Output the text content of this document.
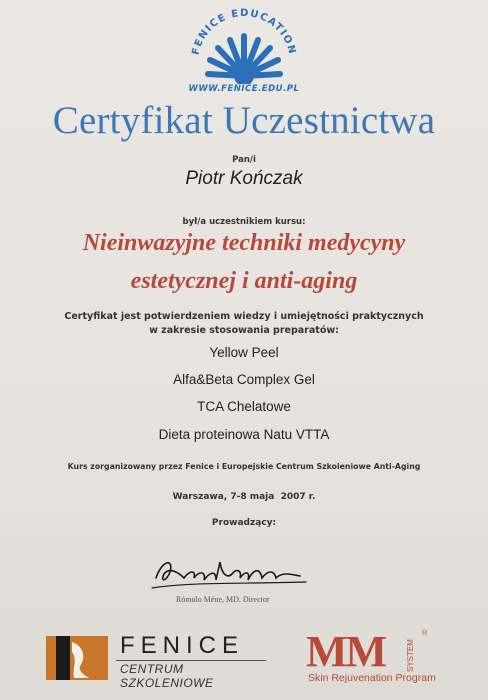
FENICE EDUCATION
WWW.FENICE.EDU.PL
Certyfikat Uczestnictwa
Pan/i
Piotr Kończak
był/a uczestnikiem kursu:
Nieinwazyjne techniki medycyny
estetycznej i anti-aging
Certyfikat jest potwierdzeniem wiedzy i umiejętności praktycznych
w zakresie stosowania preparatów:
Yellow Peel
Alfa&Beta Complex Gel
TCA Chelatowe
Dieta proteinowa Natu VTTA
Kurs zorganizowany przez Fenice i Europejskie Centrum Szkoleniowe Anti-Aging
Warszawa, 7-8 maja  2007 r.
Prowadzący:
Rómulo Méne, MD. Director
FENICE
CENTRUM SZKOLENIOWE
MM	SYSTEM
®
Skin Rejuvenation Program
